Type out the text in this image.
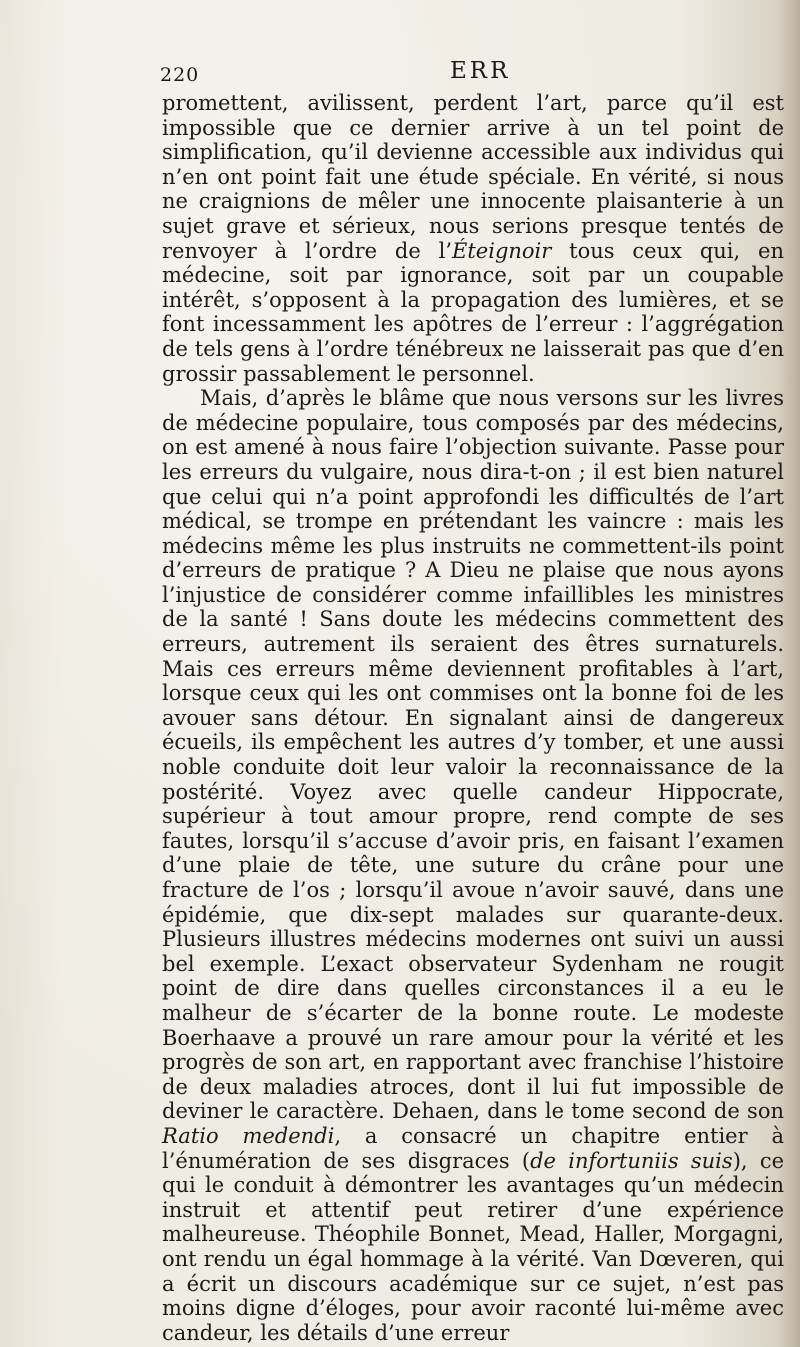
220	ERR

promettent, avilissent, perdent l’art, parce qu’il est impossible que ce dernier arrive à un tel point de simplification, qu’il devienne accessible aux individus qui n’en ont point fait une étude spéciale. En vérité, si nous ne craignions de mêler une innocente plaisanterie à un sujet grave et sérieux, nous serions presque tentés de renvoyer à l’ordre de l’Éteignoir tous ceux qui, en médecine, soit par ignorance, soit par un coupable intérêt, s’opposent à la propagation des lumières, et se font incessamment les apôtres de l’erreur : l’aggrégation de tels gens à l’ordre ténébreux ne laisserait pas que d’en grossir passablement le personnel.

Mais, d’après le blâme que nous versons sur les livres de médecine populaire, tous composés par des médecins, on est amené à nous faire l’objection suivante. Passe pour les erreurs du vulgaire, nous dira-t-on ; il est bien naturel que celui qui n’a point approfondi les difficultés de l’art médical, se trompe en prétendant les vaincre : mais les médecins même les plus instruits ne commettent-ils point d’erreurs de pratique ? A Dieu ne plaise que nous ayons l’injustice de considérer comme infaillibles les ministres de la santé ! Sans doute les médecins commettent des erreurs, autrement ils seraient des êtres surnaturels. Mais ces erreurs même deviennent profitables à l’art, lorsque ceux qui les ont commises ont la bonne foi de les avouer sans détour. En signalant ainsi de dangereux écueils, ils empêchent les autres d’y tomber, et une aussi noble conduite doit leur valoir la reconnaissance de la postérité. Voyez avec quelle candeur Hippocrate, supérieur à tout amour propre, rend compte de ses fautes, lorsqu’il s’accuse d’avoir pris, en faisant l’examen d’une plaie de tête, une suture du crâne pour une fracture de l’os ; lorsqu’il avoue n’avoir sauvé, dans une épidémie, que dix-sept malades sur quarante-deux. Plusieurs illustres médecins modernes ont suivi un aussi bel exemple. L’exact observateur Sydenham ne rougit point de dire dans quelles circonstances il a eu le malheur de s’écarter de la bonne route. Le modeste Boerhaave a prouvé un rare amour pour la vérité et les progrès de son art, en rapportant avec franchise l’histoire de deux maladies atroces, dont il lui fut impossible de deviner le caractère. Dehaen, dans le tome second de son Ratio medendi, a consacré un chapitre entier à l’énumération de ses disgraces (de infortuniis suis), ce qui le conduit à démontrer les avantages qu’un médecin instruit et attentif peut retirer d’une expérience malheureuse. Théophile Bonnet, Mead, Haller, Morgagni, ont rendu un égal hommage à la vérité. Van Dœveren, qui a écrit un discours académique sur ce sujet, n’est pas moins digne d’éloges, pour avoir raconté lui-même avec candeur, les détails d’une erreur
